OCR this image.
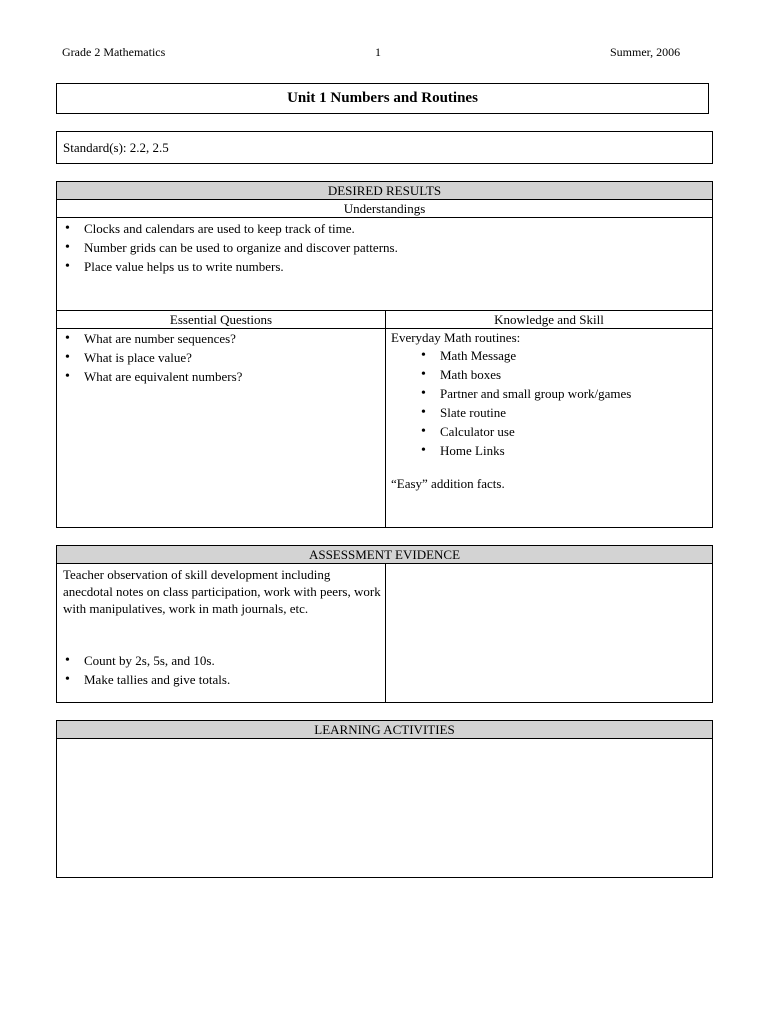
Grade 2 Mathematics	1	Summer, 2006
Unit 1 Numbers and Routines
Standard(s): 2.2, 2.5
DESIRED RESULTS
Understandings
• Clocks and calendars are used to keep track of time.
• Number grids can be used to organize and discover patterns.
• Place value helps us to write numbers.
Essential Questions
• What are number sequences?
• What is place value?
• What are equivalent numbers?
Knowledge and Skill
Everyday Math routines:
• Math Message
• Math boxes
• Partner and small group work/games
• Slate routine
• Calculator use
• Home Links
“Easy” addition facts.
ASSESSMENT EVIDENCE
Teacher observation of skill development including anecdotal notes on class participation, work with peers, work with manipulatives, work in math journals, etc.
• Count by 2s, 5s, and 10s.
• Make tallies and give totals.
LEARNING ACTIVITIES
